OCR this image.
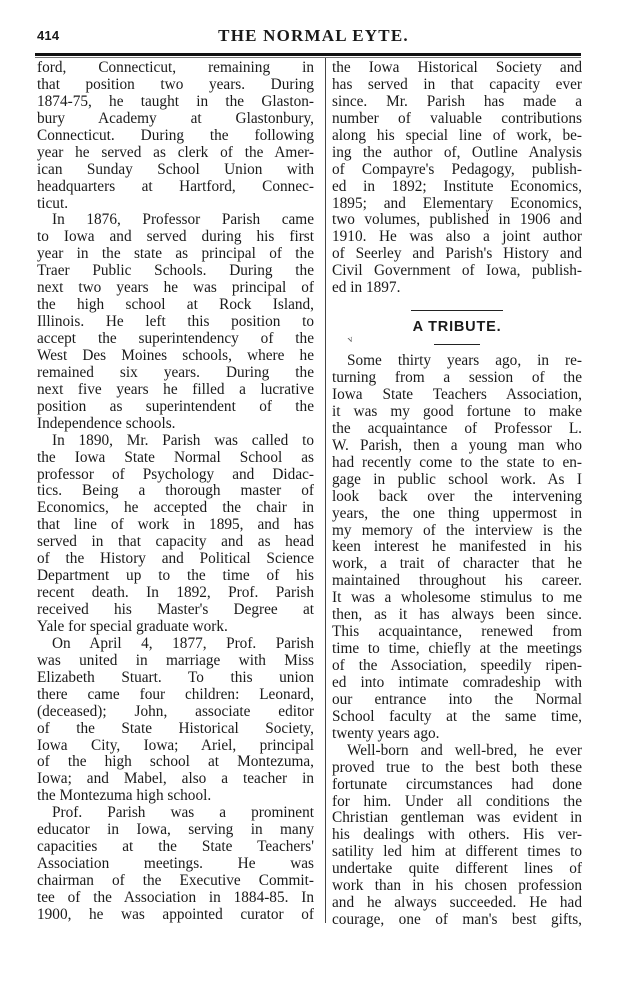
414	THE NORMAL EYTE.
ford, Connecticut, remaining in
that position two years. During
1874-75, he taught in the Glaston-
bury Academy at Glastonbury,
Connecticut. During the following
year he served as clerk of the Amer-
ican Sunday School Union with
headquarters at Hartford, Connec-
ticut.
In 1876, Professor Parish came
to Iowa and served during his first
year in the state as principal of the
Traer Public Schools. During the
next two years he was principal of
the high school at Rock Island,
Illinois. He left this position to
accept the superintendency of the
West Des Moines schools, where he
remained six years. During the
next five years he filled a lucrative
position as superintendent of the
Independence schools.
In 1890, Mr. Parish was called to
the Iowa State Normal School as
professor of Psychology and Didac-
tics. Being a thorough master of
Economics, he accepted the chair in
that line of work in 1895, and has
served in that capacity and as head
of the History and Political Science
Department up to the time of his
recent death. In 1892, Prof. Parish
received his Master's Degree at
Yale for special graduate work.
On April 4, 1877, Prof. Parish
was united in marriage with Miss
Elizabeth Stuart. To this union
there came four children: Leonard,
(deceased); John, associate editor
of the State Historical Society,
Iowa City, Iowa; Ariel, principal
of the high school at Montezuma,
Iowa; and Mabel, also a teacher in
the Montezuma high school.
Prof. Parish was a prominent
educator in Iowa, serving in many
capacities at the State Teachers'
Association meetings. He was
chairman of the Executive Commit-
tee of the Association in 1884-85. In
1900, he was appointed curator of
the Iowa Historical Society and
has served in that capacity ever
since. Mr. Parish has made a
number of valuable contributions
along his special line of work, be-
ing the author of, Outline Analysis
of Compayre's Pedagogy, publish-
ed in 1892; Institute Economics,
1895; and Elementary Economics,
two volumes, published in 1906 and
1910. He was also a joint author
of Seerley and Parish's History and
Civil Government of Iowa, publish-
ed in 1897.
A TRIBUTE.
Some thirty years ago, in re-
turning from a session of the
Iowa State Teachers Association,
it was my good fortune to make
the acquaintance of Professor L.
W. Parish, then a young man who
had recently come to the state to en-
gage in public school work. As I
look back over the intervening
years, the one thing uppermost in
my memory of the interview is the
keen interest he manifested in his
work, a trait of character that he
maintained throughout his career.
It was a wholesome stimulus to me
then, as it has always been since.
This acquaintance, renewed from
time to time, chiefly at the meetings
of the Association, speedily ripen-
ed into intimate comradeship with
our entrance into the Normal
School faculty at the same time,
twenty years ago.
Well-born and well-bred, he ever
proved true to the best both these
fortunate circumstances had done
for him. Under all conditions the
Christian gentleman was evident in
his dealings with others. His ver-
satility led him at different times to
undertake quite different lines of
work than in his chosen profession
and he always succeeded. He had
courage, one of man's best gifts,
ᴠ
